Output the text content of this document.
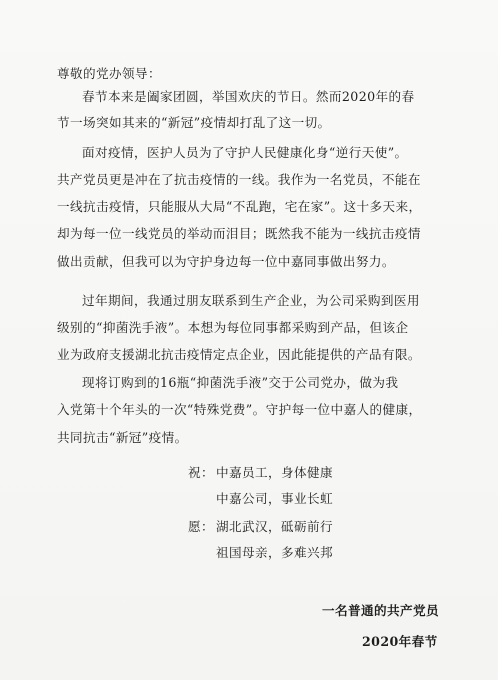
尊敬的党办领导：
春节本来是阖家团圆，举国欢庆的节日。然而2020年的春
节一场突如其来的“新冠”疫情却打乱了这一切。
面对疫情，医护人员为了守护人民健康化身“逆行天使”。
共产党员更是冲在了抗击疫情的一线。我作为一名党员，不能在
一线抗击疫情，只能服从大局“不乱跑，宅在家”。这十多天来，
却为每一位一线党员的举动而泪目；既然我不能为一线抗击疫情
做出贡献，但我可以为守护身边每一位中嘉同事做出努力。
过年期间，我通过朋友联系到生产企业，为公司采购到医用
级别的“抑菌洗手液”。本想为每位同事都采购到产品，但该企
业为政府支援湖北抗击疫情定点企业，因此能提供的产品有限。
现将订购到的16瓶“抑菌洗手液”交于公司党办，做为我
入党第十个年头的一次“特殊党费”。守护每一位中嘉人的健康，
共同抗击“新冠”疫情。
祝： 中嘉员工，身体健康
中嘉公司，事业长虹
愿： 湖北武汉，砥砺前行
祖国母亲，多难兴邦
一名普通的共产党员
2020年春节
